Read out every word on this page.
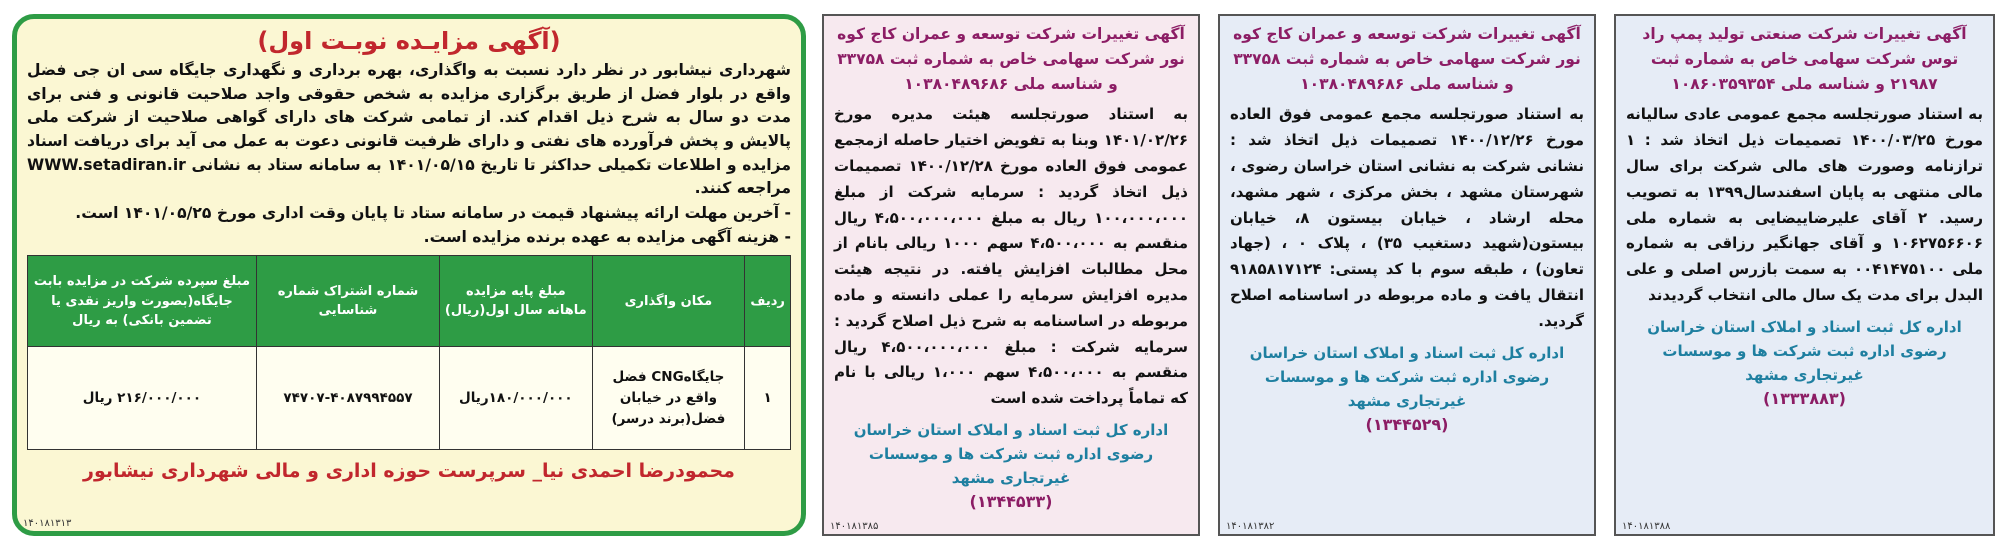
(آگهی مزایـده نوبـت اول)
شهرداری نیشابور در نظر دارد نسبت به واگذاری، بهره برداری و نگهداری جایگاه سی ان جی فضل واقع در بلوار فضل از طریق برگزاری مزایده به شخص حقوقی واجد صلاحیت قانونی و فنی برای مدت دو سال به شرح ذیل اقدام کند. از تمامی شرکت های دارای گواهی صلاحیت از شرکت ملی پالایش و پخش فرآورده های نفتی و دارای ظرفیت قانونی دعوت به عمل می آید برای دریافت اسناد مزایده و اطلاعات تکمیلی حداکثر تا تاریخ ۱۴۰۱/۰۵/۱۵ به سامانه ستاد به نشانی WWW.setadiran.ir مراجعه کنند.
- آخرین مهلت ارائه پیشنهاد قیمت در سامانه ستاد تا پایان وقت اداری مورخ ۱۴۰۱/۰۵/۲۵ است.
- هزینه آگهی مزایده به عهده برنده مزایده است.
ردیف	مکان واگذاری	مبلغ پایه مزایده ماهانه سال اول(ریال)	شماره اشتراک شماره شناسایی	مبلغ سپرده شرکت در مزایده بابت جایگاه(بصورت واریز نقدی یا تضمین بانکی) به ریال
۱	جایگاهCNG فضل واقع در خیابان فضل(برند درسر)	۱۸۰/۰۰۰/۰۰۰ریال	۷۴۷۰۷-۴۰۸۷۹۹۴۵۵۷	۲۱۶/۰۰۰/۰۰۰ ریال
محمودرضا احمدی نیا_ سرپرست حوزه اداری و مالی شهرداری نیشابور
۱۴۰۱۸۱۳۱۳
آگهی تغییرات شرکت توسعه و عمران کاج کوه نور شرکت سهامی خاص به شماره ثبت ۳۳۷۵۸ و شناسه ملی ۱۰۳۸۰۴۸۹۶۸۶
به استناد صورتجلسه هیئت مدیره مورخ ۱۴۰۱/۰۲/۲۶ وبنا به تفویض اختیار حاصله ازمجمع عمومی فوق العاده مورخ ۱۴۰۰/۱۲/۲۸ تصمیمات ذیل اتخاذ گردید : سرمایه شرکت از مبلغ ۱۰۰،۰۰۰،۰۰۰ ریال به مبلغ ۴،۵۰۰،۰۰۰،۰۰۰ ریال منقسم به ۴،۵۰۰،۰۰۰ سهم ۱۰۰۰ ریالی بانام از محل مطالبات افزایش یافته. در نتیجه هیئت مدیره افزایش سرمایه را عملی دانسته و ماده مربوطه در اساسنامه به شرح ذیل اصلاح گردید : سرمایه شرکت : مبلغ ۴،۵۰۰،۰۰۰،۰۰۰ ریال منقسم به ۴،۵۰۰،۰۰۰ سهم ۱،۰۰۰ ریالی با نام که تماماً پرداخت شده است
اداره کل ثبت اسناد و املاک استان خراسان رضوی اداره ثبت شرکت ها و موسسات غیرتجاری مشهد
(۱۳۴۴۵۳۳)
۱۴۰۱۸۱۳۸۵
آگهی تغییرات شرکت توسعه و عمران کاج کوه نور شرکت سهامی خاص به شماره ثبت ۳۳۷۵۸ و شناسه ملی ۱۰۳۸۰۴۸۹۶۸۶
به استناد صورتجلسه مجمع عمومی فوق العاده مورخ ۱۴۰۰/۱۲/۲۶ تصمیمات ذیل اتخاذ شد : نشانی شرکت به نشانی استان خراسان رضوی ، شهرستان مشهد ، بخش مرکزی ، شهر مشهد، محله ارشاد ، خیابان بیستون ۸، خیابان بیستون(شهید دستغیب ۳۵) ، پلاک ۰ ، (جهاد تعاون) ، طبقه سوم با کد پستی: ۹۱۸۵۸۱۷۱۲۴ انتقال یافت و ماده مربوطه در اساسنامه اصلاح گردید.
اداره کل ثبت اسناد و املاک استان خراسان رضوی اداره ثبت شرکت ها و موسسات غیرتجاری مشهد
(۱۳۴۴۵۲۹)
۱۴۰۱۸۱۳۸۲
آگهی تغییرات شرکت صنعتی تولید پمپ راد توس شرکت سهامی خاص به شماره ثبت ۲۱۹۸۷ و شناسه ملی ۱۰۸۶۰۳۵۹۳۵۴
به استناد صورتجلسه مجمع عمومی عادی سالیانه مورخ ۱۴۰۰/۰۳/۲۵ تصمیمات ذیل اتخاذ شد : ۱ ترازنامه وصورت های مالی شرکت برای سال مالی منتهی به پایان اسفندسال۱۳۹۹ به تصویب رسید. ۲ آقای علیرضاییضایی به شماره ملی ۱۰۶۲۷۵۶۶۰۶ و آقای جهانگیر رزاقی به شماره ملی ۰۰۴۱۴۷۵۱۰۰ به سمت بازرس اصلی و علی البدل برای مدت یک سال مالی انتخاب گردیدند
اداره کل ثبت اسناد و املاک استان خراسان رضوی اداره ثبت شرکت ها و موسسات غیرتجاری مشهد
(۱۳۳۳۸۸۳)
۱۴۰۱۸۱۳۸۸
